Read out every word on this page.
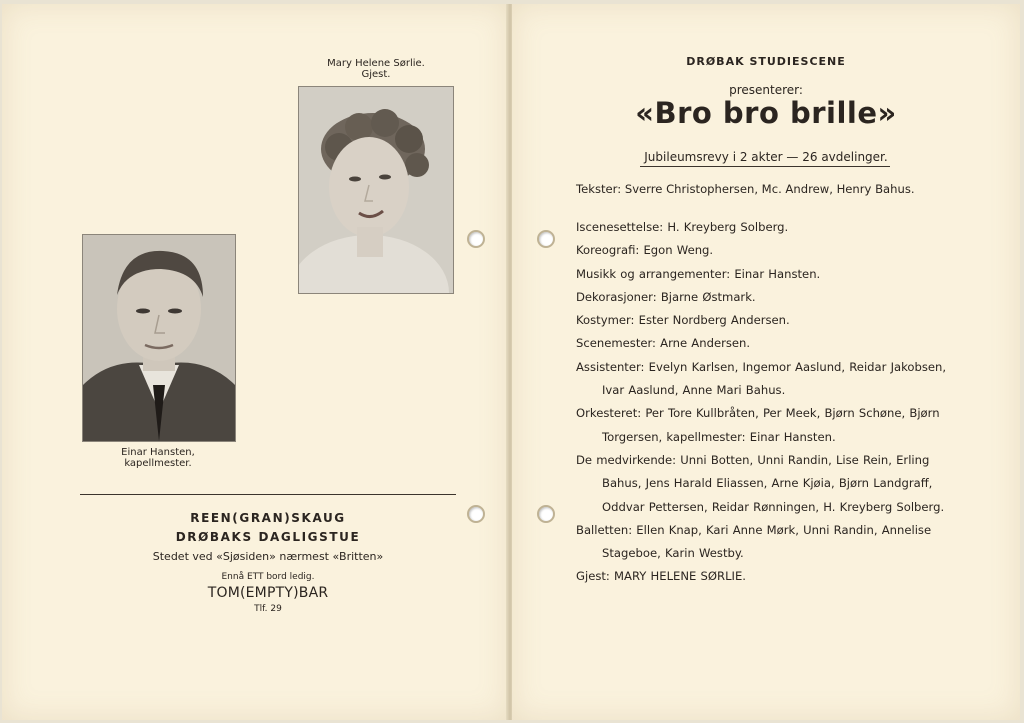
Mary Helene Sørlie.
Gjest.
Einar Hansten,
kapellmester.
REEN(GRAN)SKAUG
DRØBAKS DAGLIGSTUE
Stedet ved «Sjøsiden» nærmest «Britten»
Ennå ETT bord ledig.
TOM(EMPTY)BAR
Tlf. 29
DRØBAK STUDIESCENE
presenterer:
«Bro bro brille»
Jubileumsrevy i 2 akter — 26 avdelinger.
Tekster: Sverre Christophersen, Mc. Andrew, Henry Bahus.
Iscenesettelse: H. Kreyberg Solberg.
Koreografi: Egon Weng.
Musikk og arrangementer: Einar Hansten.
Dekorasjoner: Bjarne Østmark.
Kostymer: Ester Nordberg Andersen.
Scenemester: Arne Andersen.
Assistenter: Evelyn Karlsen, Ingemor Aaslund, Reidar Jakobsen, Ivar Aaslund, Anne Mari Bahus.
Orkesteret: Per Tore Kullbråten, Per Meek, Bjørn Schøne, Bjørn Torgersen, kapellmester: Einar Hansten.
De medvirkende: Unni Botten, Unni Randin, Lise Rein, Erling Bahus, Jens Harald Eliassen, Arne Kjøia, Bjørn Landgraff, Oddvar Pettersen, Reidar Rønningen, H. Kreyberg Solberg.
Balletten: Ellen Knap, Kari Anne Mørk, Unni Randin, Annelise Stageboe, Karin Westby.
Gjest: MARY HELENE SØRLIE.
